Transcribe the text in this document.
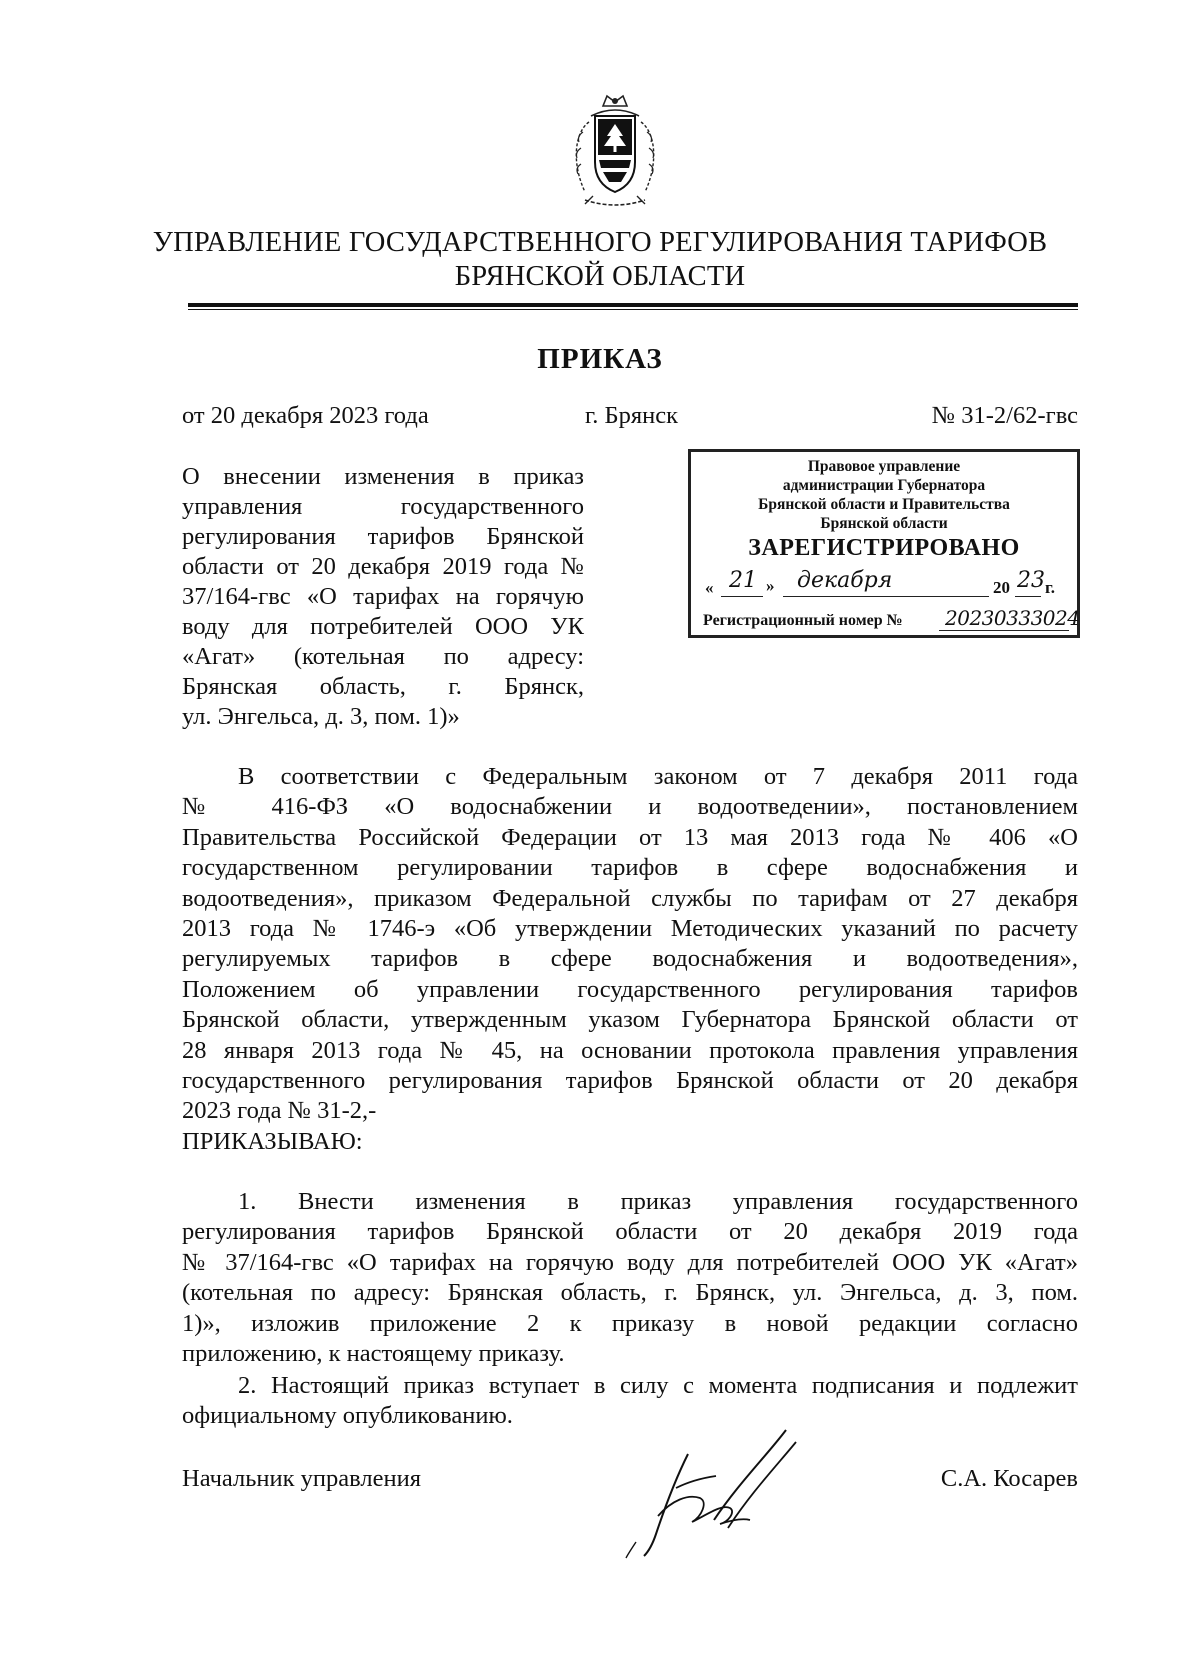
УПРАВЛЕНИЕ ГОСУДАРСТВЕННОГО РЕГУЛИРОВАНИЯ ТАРИФОВ
БРЯНСКОЙ ОБЛАСТИ
ПРИКАЗ
от 20 декабря 2023 года	г. Брянск	№ 31-2/62-гвс
О внесении изменения в приказ
управления государственного
регулирования тарифов Брянской
области от 20 декабря 2019 года №
37/164-гвс «О тарифах на горячую
воду для потребителей ООО УК
«Агат» (котельная по адресу:
Брянская область, г. Брянск,
ул. Энгельса, д. 3, пом. 1)»
Правовое управление
администрации Губернатора
Брянской области и Правительства
Брянской области
ЗАРЕГИСТРИРОВАНО
« 21 » декабря	20 23 г.
Регистрационный номер № 20230333024
В соответствии с Федеральным законом от 7 декабря 2011 года
№ 416-ФЗ «О водоснабжении и водоотведении», постановлением
Правительства Российской Федерации от 13 мая 2013 года № 406 «О
государственном регулировании тарифов в сфере водоснабжения и
водоотведения», приказом Федеральной службы по тарифам от 27 декабря
2013 года № 1746-э «Об утверждении Методических указаний по расчету
регулируемых тарифов в сфере водоснабжения и водоотведения»,
Положением об управлении государственного регулирования тарифов
Брянской области, утвержденным указом Губернатора Брянской области от
28 января 2013 года № 45, на основании протокола правления управления
государственного регулирования тарифов Брянской области от 20 декабря
2023 года № 31-2,-
ПРИКАЗЫВАЮ:
1. Внести изменения в приказ управления государственного
регулирования тарифов Брянской области от 20 декабря 2019 года
№ 37/164-гвс «О тарифах на горячую воду для потребителей ООО УК «Агат»
(котельная по адресу: Брянская область, г. Брянск, ул. Энгельса, д. 3, пом.
1)», изложив приложение 2 к приказу в новой редакции согласно
приложению, к настоящему приказу.
2. Настоящий приказ вступает в силу с момента подписания и подлежит
официальному опубликованию.
Начальник управления	С.А. Косарев
